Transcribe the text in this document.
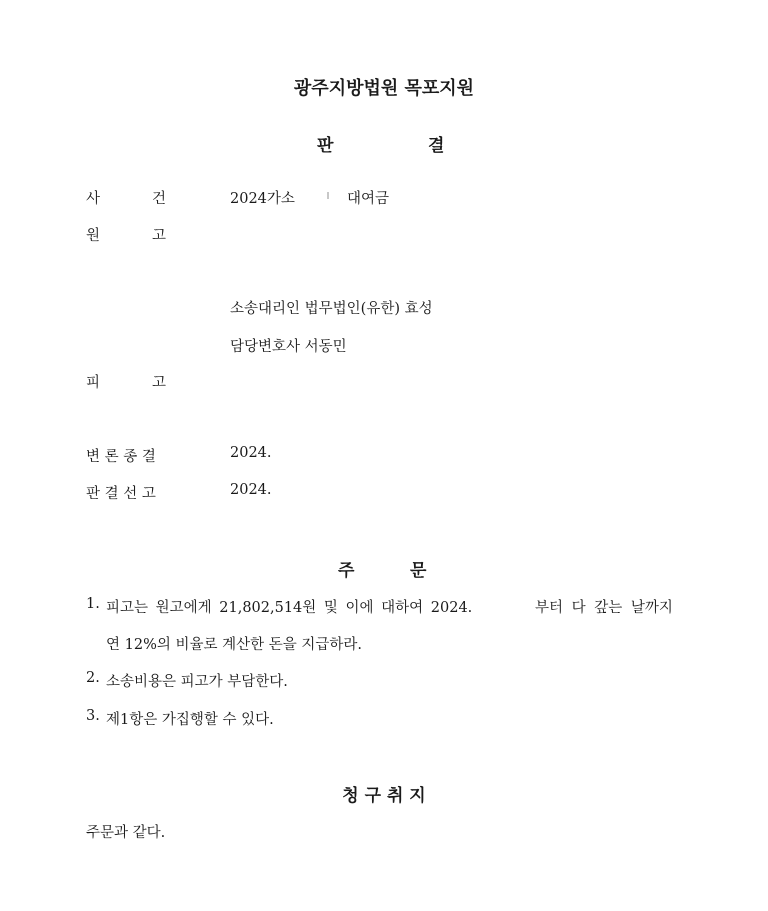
광주지방법원 목포지원
판	결
사	건	2024가소	대여금
원	고
소송대리인 법무법인(유한) 효성
담당변호사 서동민
피	고
변 론 종 결	2024.
판 결 선 고	2024.
주	문
1. 피고는 원고에게 21,802,514원 및 이에 대하여 2024.	부터 다 갚는 날까지
연 12%의 비율로 계산한 돈을 지급하라.
2. 소송비용은 피고가 부담한다.
3. 제1항은 가집행할 수 있다.
청 구 취 지
주문과 같다.
